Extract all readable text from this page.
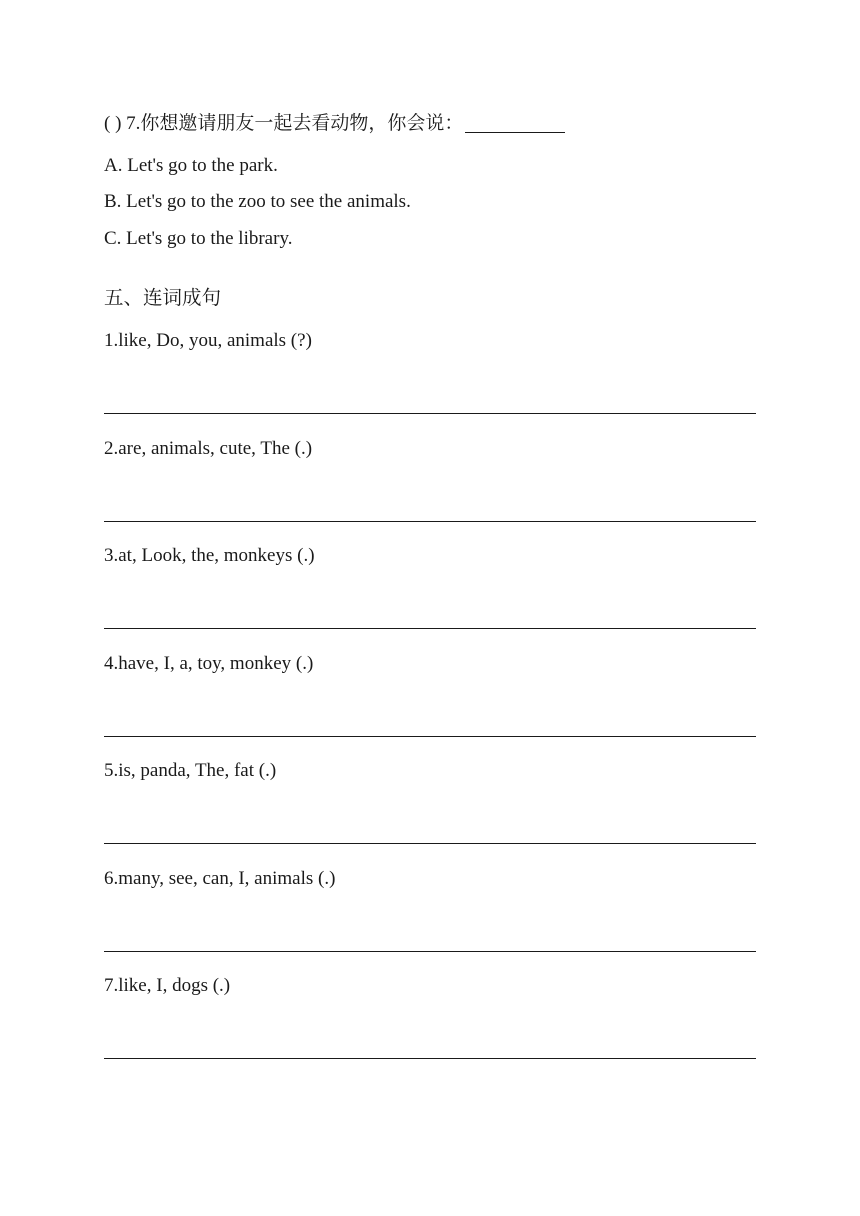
( ) 7.你想邀请朋友一起去看动物，你会说：
A. Let's go to the park.
B. Let's go to the zoo to see the animals.
C. Let's go to the library.
五、连词成句
1.like, Do, you, animals (?)
2.are, animals, cute, The (.)
3.at, Look, the, monkeys (.)
4.have, I, a, toy, monkey (.)
5.is, panda, The, fat (.)
6.many, see, can, I, animals (.)
7.like, I, dogs (.)
